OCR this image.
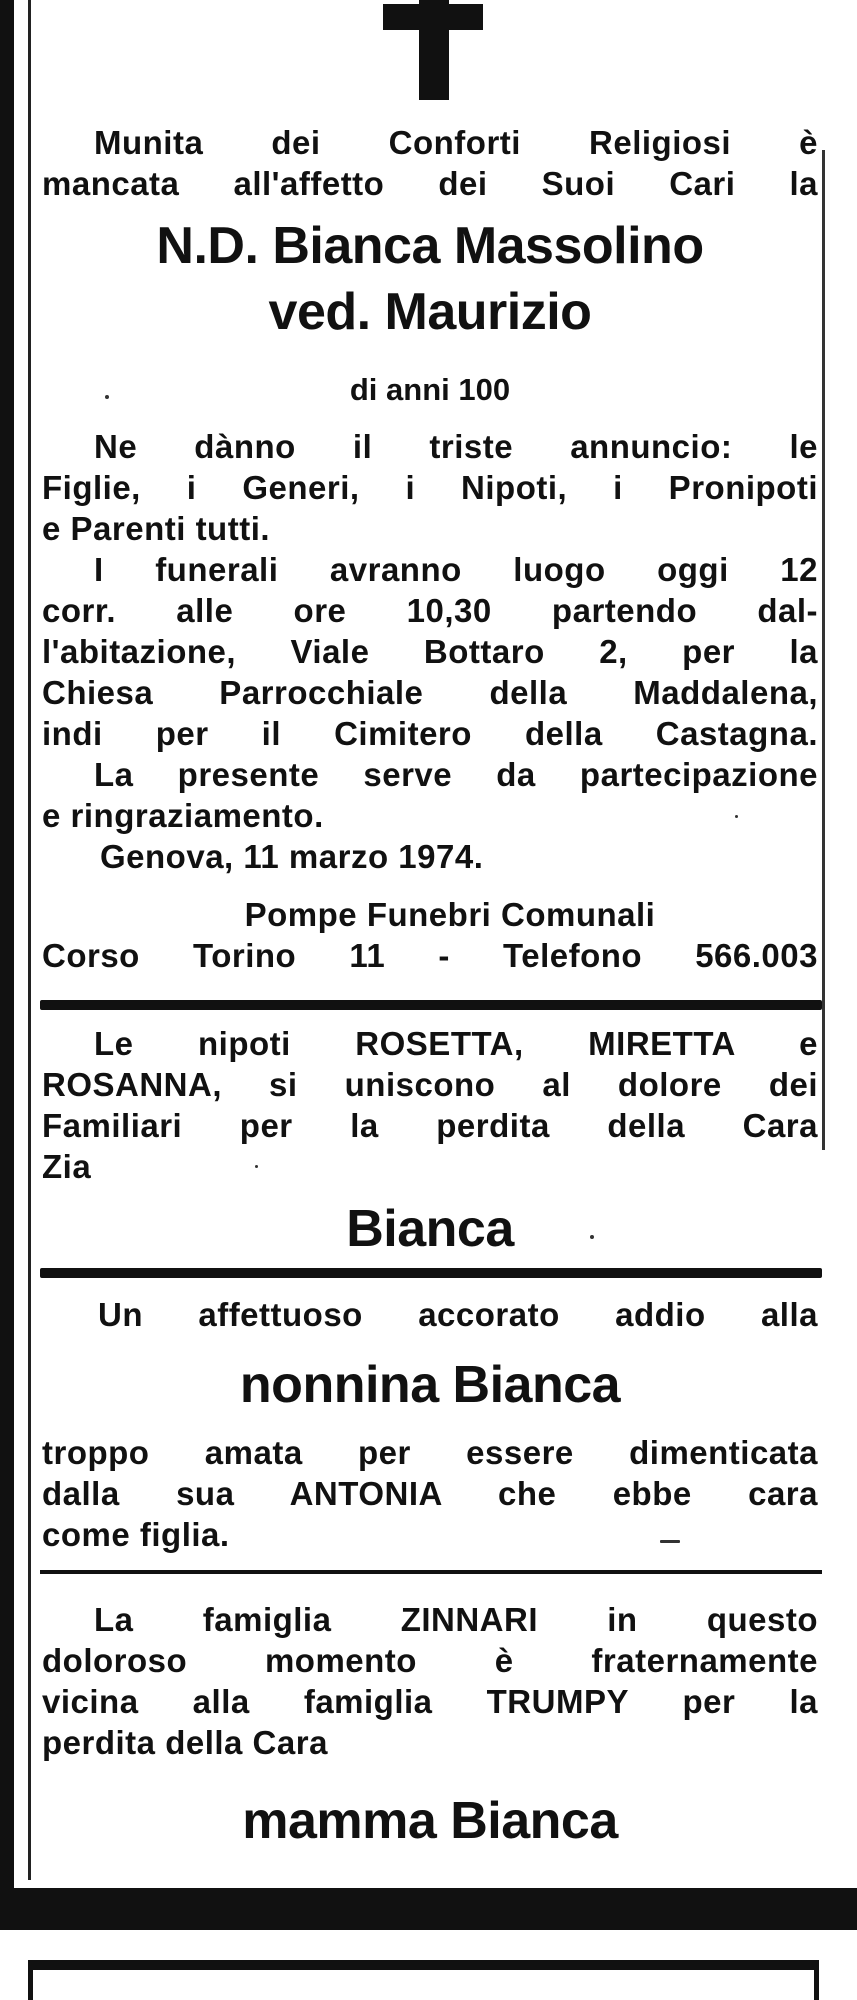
Munita dei Conforti Religiosi è

mancata all'affetto dei Suoi Cari la

N.D. Bianca Massolino

ved. Maurizio

di anni 100

Ne dànno il triste annuncio: le

Figlie, i Generi, i Nipoti, i Pronipoti

e Parenti tutti.

I funerali avranno luogo oggi 12

corr. alle ore 10,30 partendo dal-

l'abitazione, Viale Bottaro 2, per la

Chiesa Parrocchiale della Maddalena,

indi per il Cimitero della Castagna.

La presente serve da partecipazione

e ringraziamento.

Genova, 11 marzo 1974.

Pompe Funebri Comunali

Corso Torino 11 - Telefono 566.003

Le nipoti ROSETTA, MIRETTA e

ROSANNA, si uniscono al dolore dei

Familiari per la perdita della Cara

Zia

Bianca

Un affettuoso accorato addio alla

nonnina Bianca

troppo amata per essere dimenticata

dalla sua ANTONIA che ebbe cara

come figlia.

La famiglia ZINNARI in questo

doloroso momento è fraternamente

vicina alla famiglia TRUMPY per la

perdita della Cara

mamma Bianca
